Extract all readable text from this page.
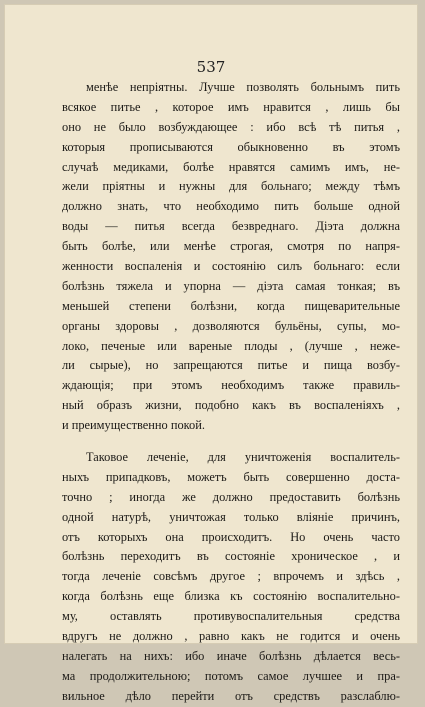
537
менѣе непріятны. Лучше позволять больнымъ пить
всякое питье , которое имъ нравится , лишь бы
оно не было возбуждающее : ибо всѣ тѣ питья ,
которыя прописываются обыкновенно въ этомъ
случаѣ медиками, болѣе нравятся самимъ имъ, не-
жели пріятны и нужны для больнаго; между тѣмъ
должно знать, что необходимо пить больше одной
воды — питья всегда безвреднаго. Діэта должна
быть болѣе, или менѣе строгая, смотря по напря-
женности воспаленія и состоянію силъ больнаго: если
болѣзнь тяжела и упорна — діэта самая тонкая; въ
меньшей степени болѣзни, когда пищеварительные
органы здоровы , дозволяются бульёны, супы, мо-
локо, печеные или вареные плоды , (лучше , неже-
ли сырые), но запрещаются питье и пища возбу-
ждающія; при этомъ необходимъ также правиль-
ный образъ жизни, подобно какъ въ воспаленіяхъ ,
и преимущественно покой.
Таковое леченіе, для уничтоженія воспалитель-
ныхъ припадковъ, можетъ быть совершенно доста-
точно ; иногда же должно предоставить болѣзнь
одной натурѣ, уничтожая только вліяніе причинъ,
отъ которыхъ она происходитъ. Но очень часто
болѣзнь переходитъ въ состояніе хроническое , и
тогда леченіе совсѣмъ другое ; впрочемъ и здѣсь ,
когда болѣзнь еще близка къ состоянію воспалительно-
му, оставлять противувоспалительныя средства
вдругъ не должно , равно какъ не годится и очень
налегать на нихъ: ибо иначе болѣзнь дѣлается весь-
ма продолжительною; потомъ самое лучшее и пра-
вильное дѣло перейти отъ средствъ разслаблю-
